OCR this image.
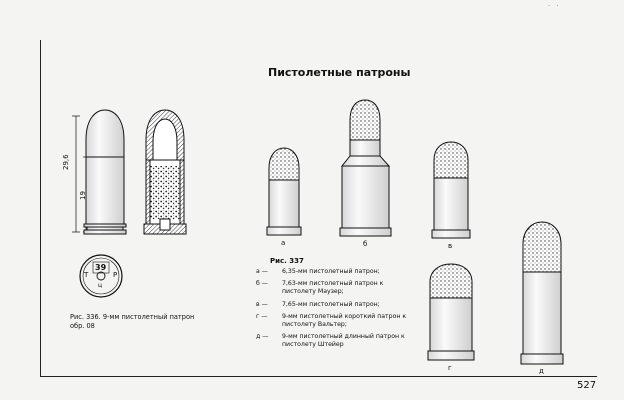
· ·
Пистолетные патроны
29,6
19
39
Т	Р
ц
Рис. 336. 9-мм пистолетный патрон обр. 08
а	б	в
г	д
Рис. 337
а — 6,35-мм пистолетный патрон;
б — 7,63-мм пистолетный патрон к пистолету Маузер;
в — 7,65-мм пистолетный патрон;
г — 9-мм пистолетный короткий патрон к пистолету Вальтер;
д — 9-мм пистолетный длинный патрон к пистолету Штейер
527
